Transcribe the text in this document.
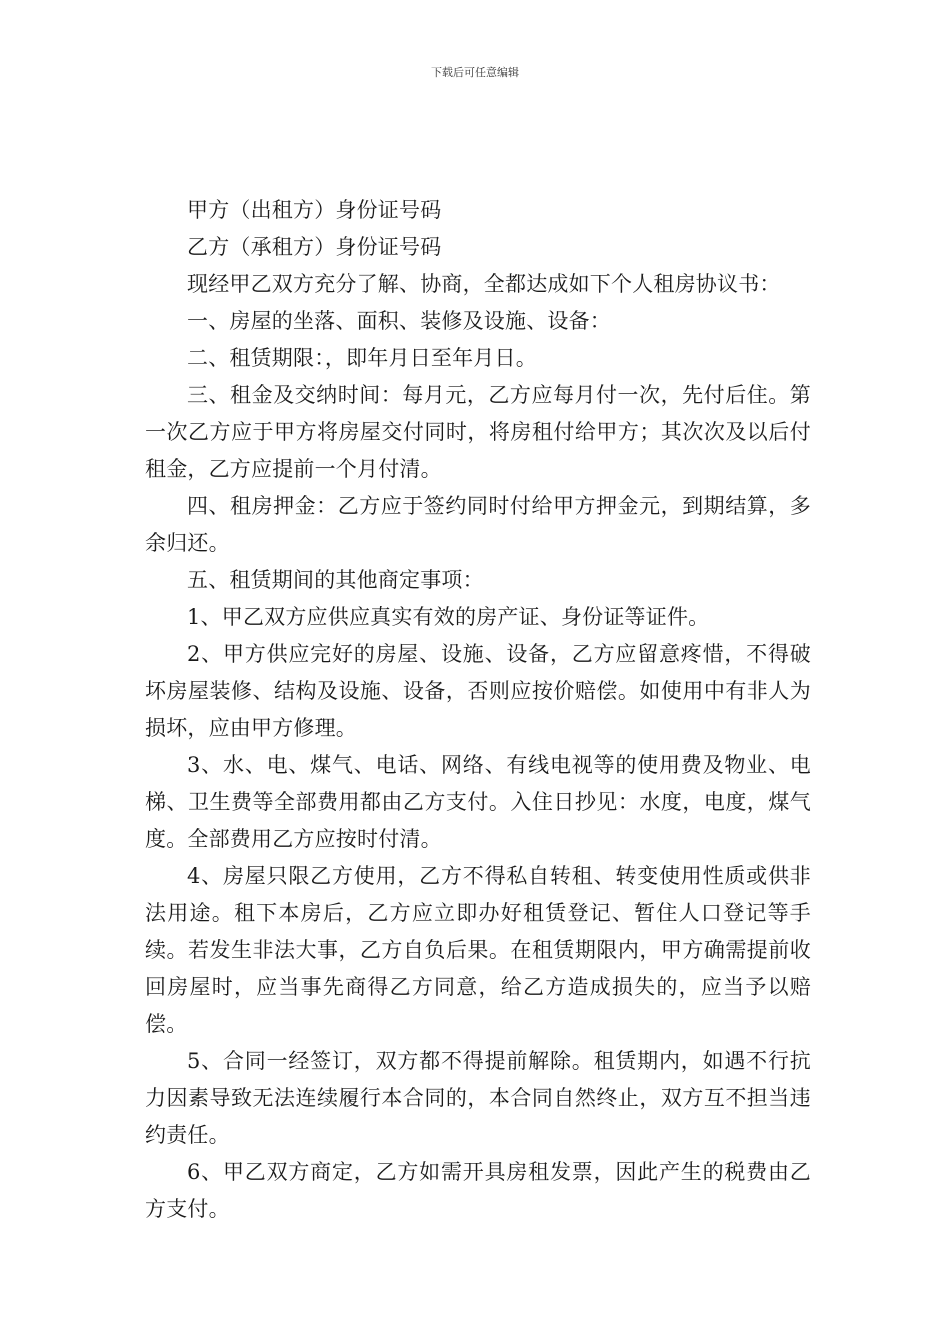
下载后可任意编辑

甲方（出租方）身份证号码

乙方（承租方）身份证号码

现经甲乙双方充分了解、协商，全都达成如下个人租房协议书：

一、房屋的坐落、面积、装修及设施、设备：

二、租赁期限：，即年月日至年月日。

三、租金及交纳时间：每月元，乙方应每月付一次，先付后住。第一次乙方应于甲方将房屋交付同时，将房租付给甲方；其次次及以后付租金，乙方应提前一个月付清。

四、租房押金：乙方应于签约同时付给甲方押金元，到期结算，多余归还。

五、租赁期间的其他商定事项：

1、甲乙双方应供应真实有效的房产证、身份证等证件。

2、甲方供应完好的房屋、设施、设备，乙方应留意疼惜，不得破坏房屋装修、结构及设施、设备，否则应按价赔偿。如使用中有非人为损坏，应由甲方修理。

3、水、电、煤气、电话、网络、有线电视等的使用费及物业、电梯、卫生费等全部费用都由乙方支付。入住日抄见：水度，电度，煤气度。全部费用乙方应按时付清。

4、房屋只限乙方使用，乙方不得私自转租、转变使用性质或供非法用途。租下本房后，乙方应立即办好租赁登记、暂住人口登记等手续。若发生非法大事，乙方自负后果。在租赁期限内，甲方确需提前收回房屋时，应当事先商得乙方同意，给乙方造成损失的，应当予以赔偿。

5、合同一经签订，双方都不得提前解除。租赁期内，如遇不行抗力因素导致无法连续履行本合同的，本合同自然终止，双方互不担当违约责任。

6、甲乙双方商定，乙方如需开具房租发票，因此产生的税费由乙方支付。
